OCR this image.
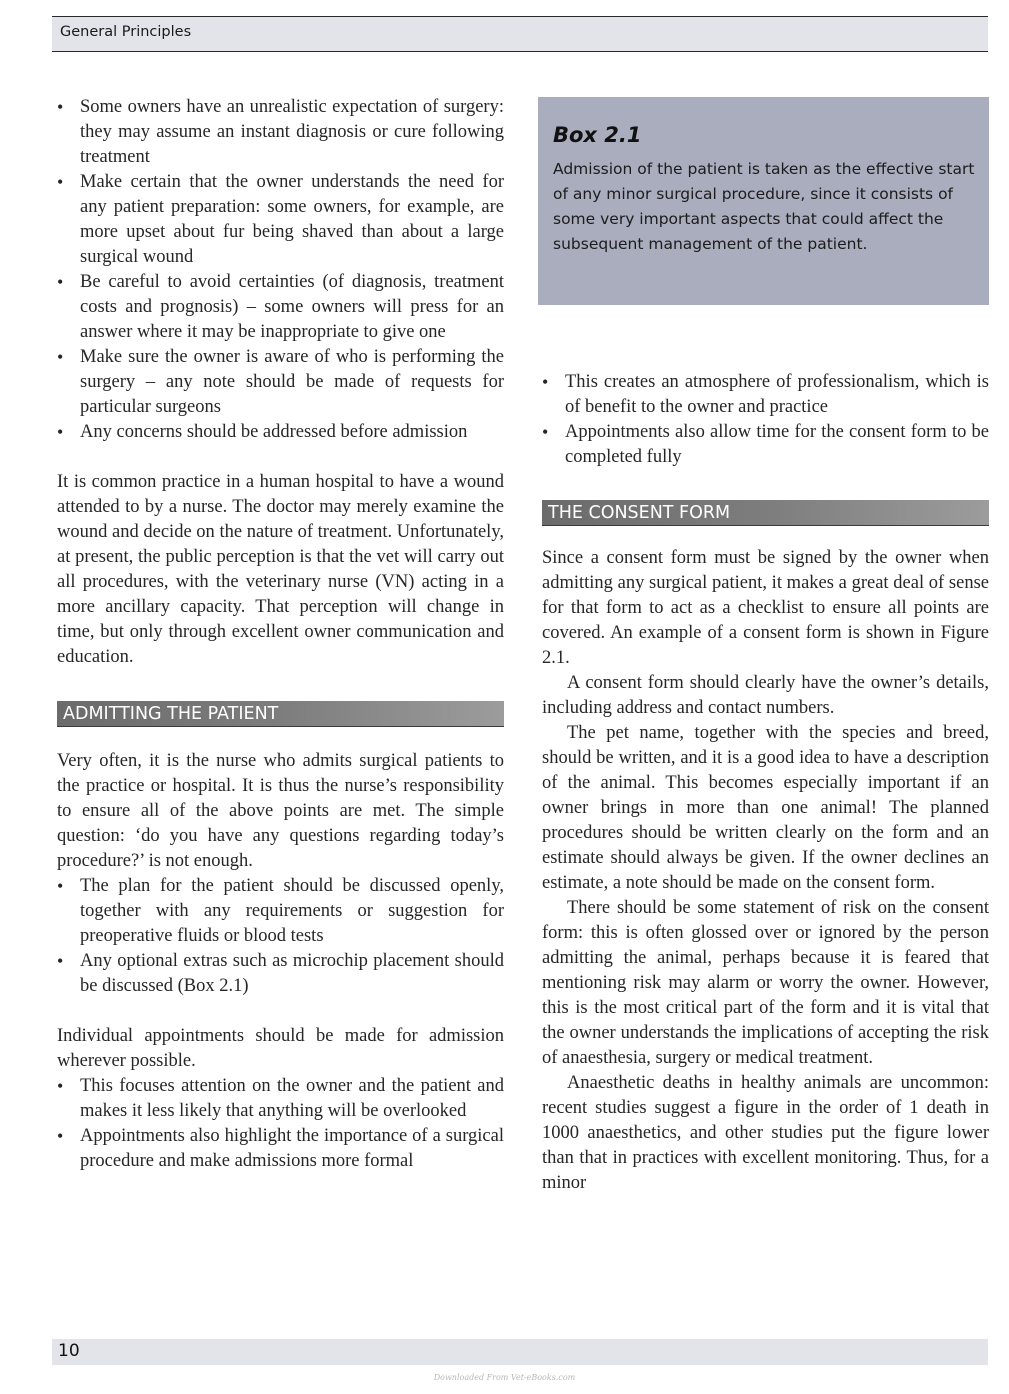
General Principles
• Some owners have an unrealistic expectation of surgery: they may assume an instant diagnosis or cure following treatment
• Make certain that the owner understands the need for any patient preparation: some owners, for example, are more upset about fur being shaved than about a large surgical wound
• Be careful to avoid certainties (of diagnosis, treatment costs and prognosis) – some owners will press for an answer where it may be inappropriate to give one
• Make sure the owner is aware of who is performing the surgery – any note should be made of requests for particular surgeons
• Any concerns should be addressed before admission

It is common practice in a human hospital to have a wound attended to by a nurse. The doctor may merely examine the wound and decide on the nature of treatment. Unfortunately, at present, the public perception is that the vet will carry out all procedures, with the veterinary nurse (VN) acting in a more ancillary capacity. That perception will change in time, but only through excellent owner communication and education.

ADMITTING THE PATIENT

Very often, it is the nurse who admits surgical patients to the practice or hospital. It is thus the nurse’s responsibility to ensure all of the above points are met. The simple question: ‘do you have any questions regarding today’s procedure?’ is not enough.

• The plan for the patient should be discussed openly, together with any requirements or suggestion for preoperative fluids or blood tests
• Any optional extras such as microchip placement should be discussed (Box 2.1)

Individual appointments should be made for admission wherever possible.

• This focuses attention on the owner and the patient and makes it less likely that anything will be overlooked
• Appointments also highlight the importance of a surgical procedure and make admissions more formal
Box 2.1
Admission of the patient is taken as the effective start of any minor surgical procedure, since it consists of some very important aspects that could affect the subsequent management of the patient.
• This creates an atmosphere of professionalism, which is of benefit to the owner and practice
• Appointments also allow time for the consent form to be completed fully
THE CONSENT FORM

Since a consent form must be signed by the owner when admitting any surgical patient, it makes a great deal of sense for that form to act as a checklist to ensure all points are covered. An example of a consent form is shown in Figure 2.1.

A consent form should clearly have the owner’s details, including address and contact numbers.

The pet name, together with the species and breed, should be written, and it is a good idea to have a description of the animal. This becomes especially important if an owner brings in more than one animal! The planned procedures should be written clearly on the form and an estimate should always be given. If the owner declines an estimate, a note should be made on the consent form.

There should be some statement of risk on the consent form: this is often glossed over or ignored by the person admitting the animal, perhaps because it is feared that mentioning risk may alarm or worry the owner. However, this is the most critical part of the form and it is vital that the owner understands the implications of accepting the risk of anaesthesia, surgery or medical treatment.

Anaesthetic deaths in healthy animals are uncommon: recent studies suggest a figure in the order of 1 death in 1000 anaesthetics, and other studies put the figure lower than that in practices with excellent monitoring. Thus, for a minor

10
Downloaded From Vet-eBooks.com
